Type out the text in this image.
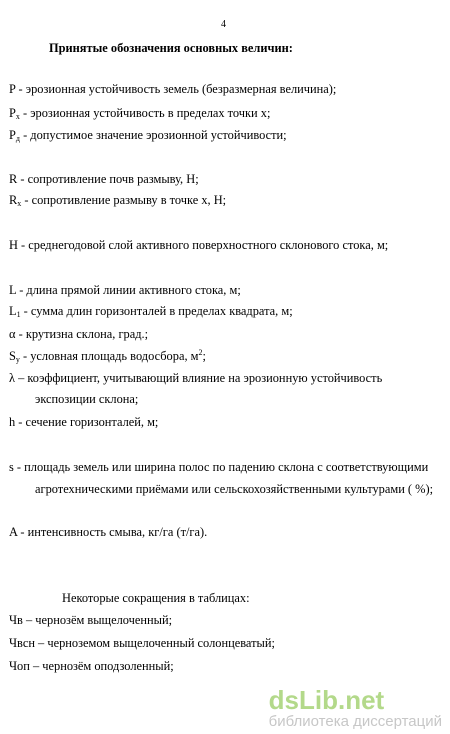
4
Принятые обозначения основных величин:
P - эрозионная устойчивость земель (безразмерная величина);
$P_x$ - эрозионная устойчивость в пределах точки x;
$P_д$ - допустимое значение эрозионной устойчивости;
R - сопротивление почв размыву, Н;
$R_x$ - сопротивление размыву в точке x, Н;
H - среднегодовой слой активного поверхностного склонового стока, м;
L - длина прямой линии активного стока, м;
$L_1$ - сумма длин горизонталей в пределах квадрата, м;
α - крутизна склона, град.;
$S_у$ - условная площадь водосбора, $м^2$;
λ – коэффициент, учитывающий влияние на эрозионную устойчивость
экспозиции склона;
h - сечение горизонталей, м;
s - площадь земель или ширина полос по падению склона с соответствующими
агротехническими приёмами или сельскохозяйственными культурами ( %);
A - интенсивность смыва, кг/га (т/га).
Некоторые сокращения в таблицах:
Чв – чернозём выщелоченный;
Чвсн – черноземом выщелоченный солонцеватый;
Чоп – чернозём оподзоленный;
dsLib.net
библиотека диссертаций
